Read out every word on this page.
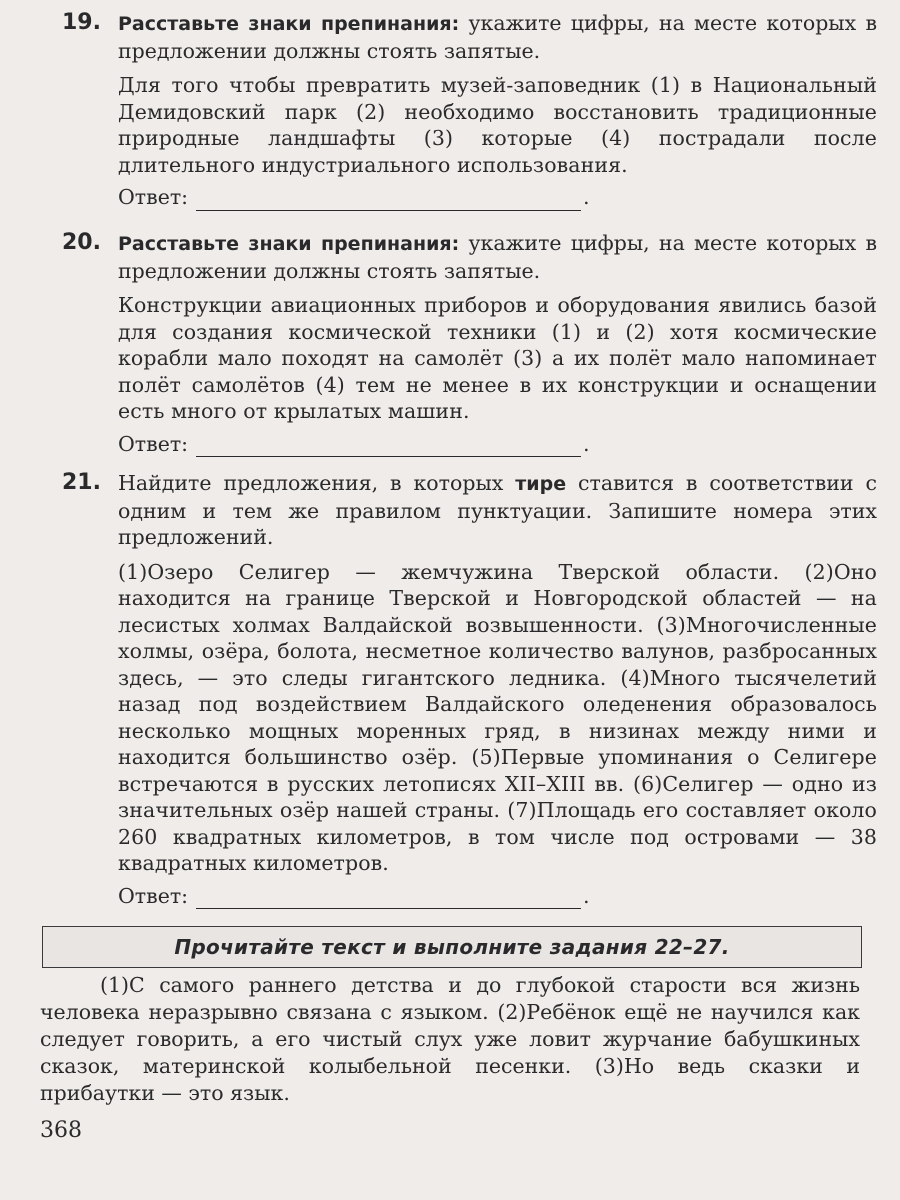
19. Расставьте знаки препинания: укажите цифры, на месте которых в предложении должны стоять запятые.

Для того чтобы превратить музей-заповедник (1) в Национальный Демидовский парк (2) необходимо восстановить традиционные природные ландшафты (3) которые (4) пострадали после длительного индустриального использования.

Ответ:	.
20. Расставьте знаки препинания: укажите цифры, на месте которых в предложении должны стоять запятые.

Конструкции авиационных приборов и оборудования явились базой для создания космической техники (1) и (2) хотя космические корабли мало походят на самолёт (3) а их полёт мало напоминает полёт самолётов (4) тем не менее в их конструкции и оснащении есть много от крылатых машин.

Ответ:	.
21. Найдите предложения, в которых тире ставится в соответствии с одним и тем же правилом пунктуации. Запишите номера этих предложений.

(1)Озеро Селигер — жемчужина Тверской области. (2)Оно находится на границе Тверской и Новгородской областей — на лесистых холмах Валдайской возвышенности. (3)Многочисленные холмы, озёра, болота, несметное количество валунов, разбросанных здесь, — это следы гигантского ледника. (4)Много тысячелетий назад под воздействием Валдайского оледенения образовалось несколько мощных моренных гряд, в низинах между ними и находится большинство озёр. (5)Первые упоминания о Селигере встречаются в русских летописях XII–XIII вв. (6)Селигер — одно из значительных озёр нашей страны. (7)Площадь его составляет около 260 квадратных километров, в том числе под островами — 38 квадратных километров.

Ответ:	.
Прочитайте текст и выполните задания 22–27.

(1)С самого раннего детства и до глубокой старости вся жизнь человека неразрывно связана с языком. (2)Ребёнок ещё не научился как следует говорить, а его чистый слух уже ловит журчание бабушкиных сказок, материнской колыбельной песенки. (3)Но ведь сказки и прибаутки — это язык.

368
